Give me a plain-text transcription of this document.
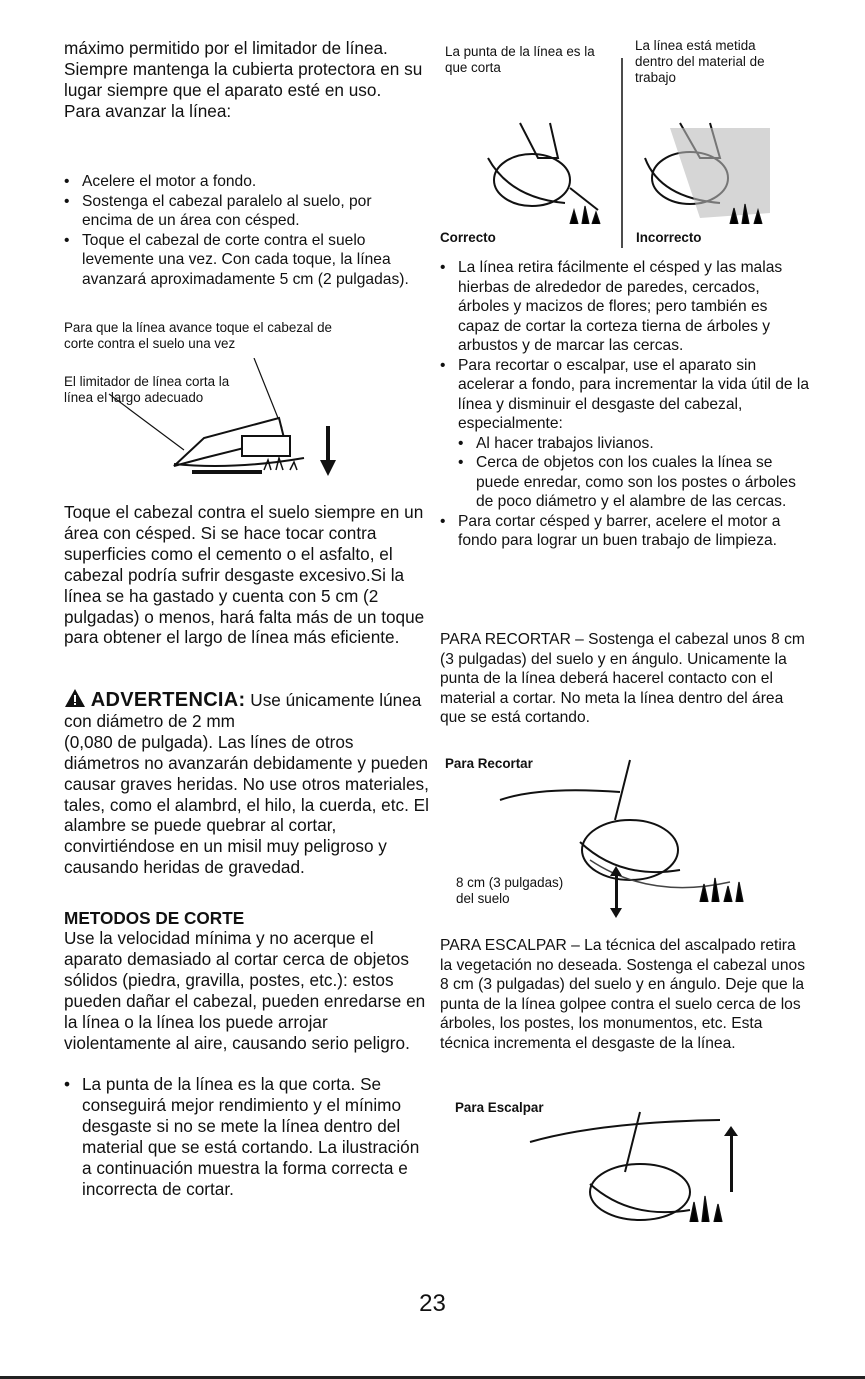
máximo permitido por el limitador de línea.

Siempre mantenga la cubierta protectora en su lugar siempre que el aparato esté en uso.

Para avanzar la línea:

• Acelere el motor a fondo.
• Sostenga el cabezal paralelo al suelo, por encima de un área con césped.
• Toque el cabezal de corte contra el suelo levemente una vez. Con cada toque, la línea avanzará aproximadamente 5 cm (2 pulgadas).

Para que la línea avance toque el cabezal de corte contra el suelo una vez

El limitador de línea corta la línea el largo adecuado

Toque el cabezal contra el suelo siempre en un área con césped. Si se hace tocar contra superficies como el cemento o el asfalto, el cabezal podría sufrir desgaste excesivo.Si la línea se ha gastado y cuenta con 5 cm (2 pulgadas) o menos, hará falta más de un toque para obtener el largo de línea más eficiente.

ADVERTENCIA: Use únicamente lúnea con diámetro de 2 mm

(0,080 de pulgada). Las línes de otros diámetros no avanzarán debidamente y pueden causar graves heridas. No use otros materiales, tales, como el alambrd, el hilo, la cuerda, etc. El alambre se puede quebrar al cortar, convirtiéndose en un misil muy peligroso y causando heridas de gravedad.

METODOS DE CORTE

Use la velocidad mínima y no acerque el aparato demasiado al cortar cerca de objetos sólidos (piedra, gravilla, postes, etc.): estos pueden dañar el cabezal, pueden enredarse en la línea o la línea los puede arrojar violentamente al aire, causando serio peligro.

• La punta de la línea es la que corta. Se conseguirá mejor rendimiento y el mínimo desgaste si no se mete la línea dentro del material que se está cortando. La ilustración a continuación muestra la forma correcta e incorrecta de cortar.

La punta de la línea es la que corta

La línea está metida dentro del material de trabajo

Correcto	Incorrecto

• La línea retira fácilmente el césped y las malas hierbas de alrededor de paredes, cercados, árboles y macizos de flores; pero también es capaz de cortar la corteza tierna de árboles y arbustos y de marcar las cercas.
• Para recortar o escalpar, use el aparato sin acelerar a fondo, para incrementar la vida útil de la línea y disminuir el desgaste del cabezal, especialmente:
• Al hacer trabajos livianos.
• Cerca de objetos con los cuales la línea se puede enredar, como son los postes o árboles de poco diámetro y el alambre de las cercas.
• Para cortar césped y barrer, acelere el motor a fondo para lograr un buen trabajo de limpieza.

PARA RECORTAR – Sostenga el cabezal unos 8 cm (3 pulgadas) del suelo y en ángulo. Unicamente la punta de la línea deberá hacerel contacto con el material a cortar. No meta la línea dentro del área que se está cortando.

Para Recortar

8 cm (3 pulgadas) del suelo

PARA ESCALPAR – La técnica del ascalpado retira la vegetación no deseada. Sostenga el cabezal unos 8 cm (3 pulgadas) del suelo y en ángulo. Deje que la punta de la línea golpee contra el suelo cerca de los árboles, los postes, los monumentos, etc. Esta técnica incrementa el desgaste de la línea.

Para Escalpar

23
